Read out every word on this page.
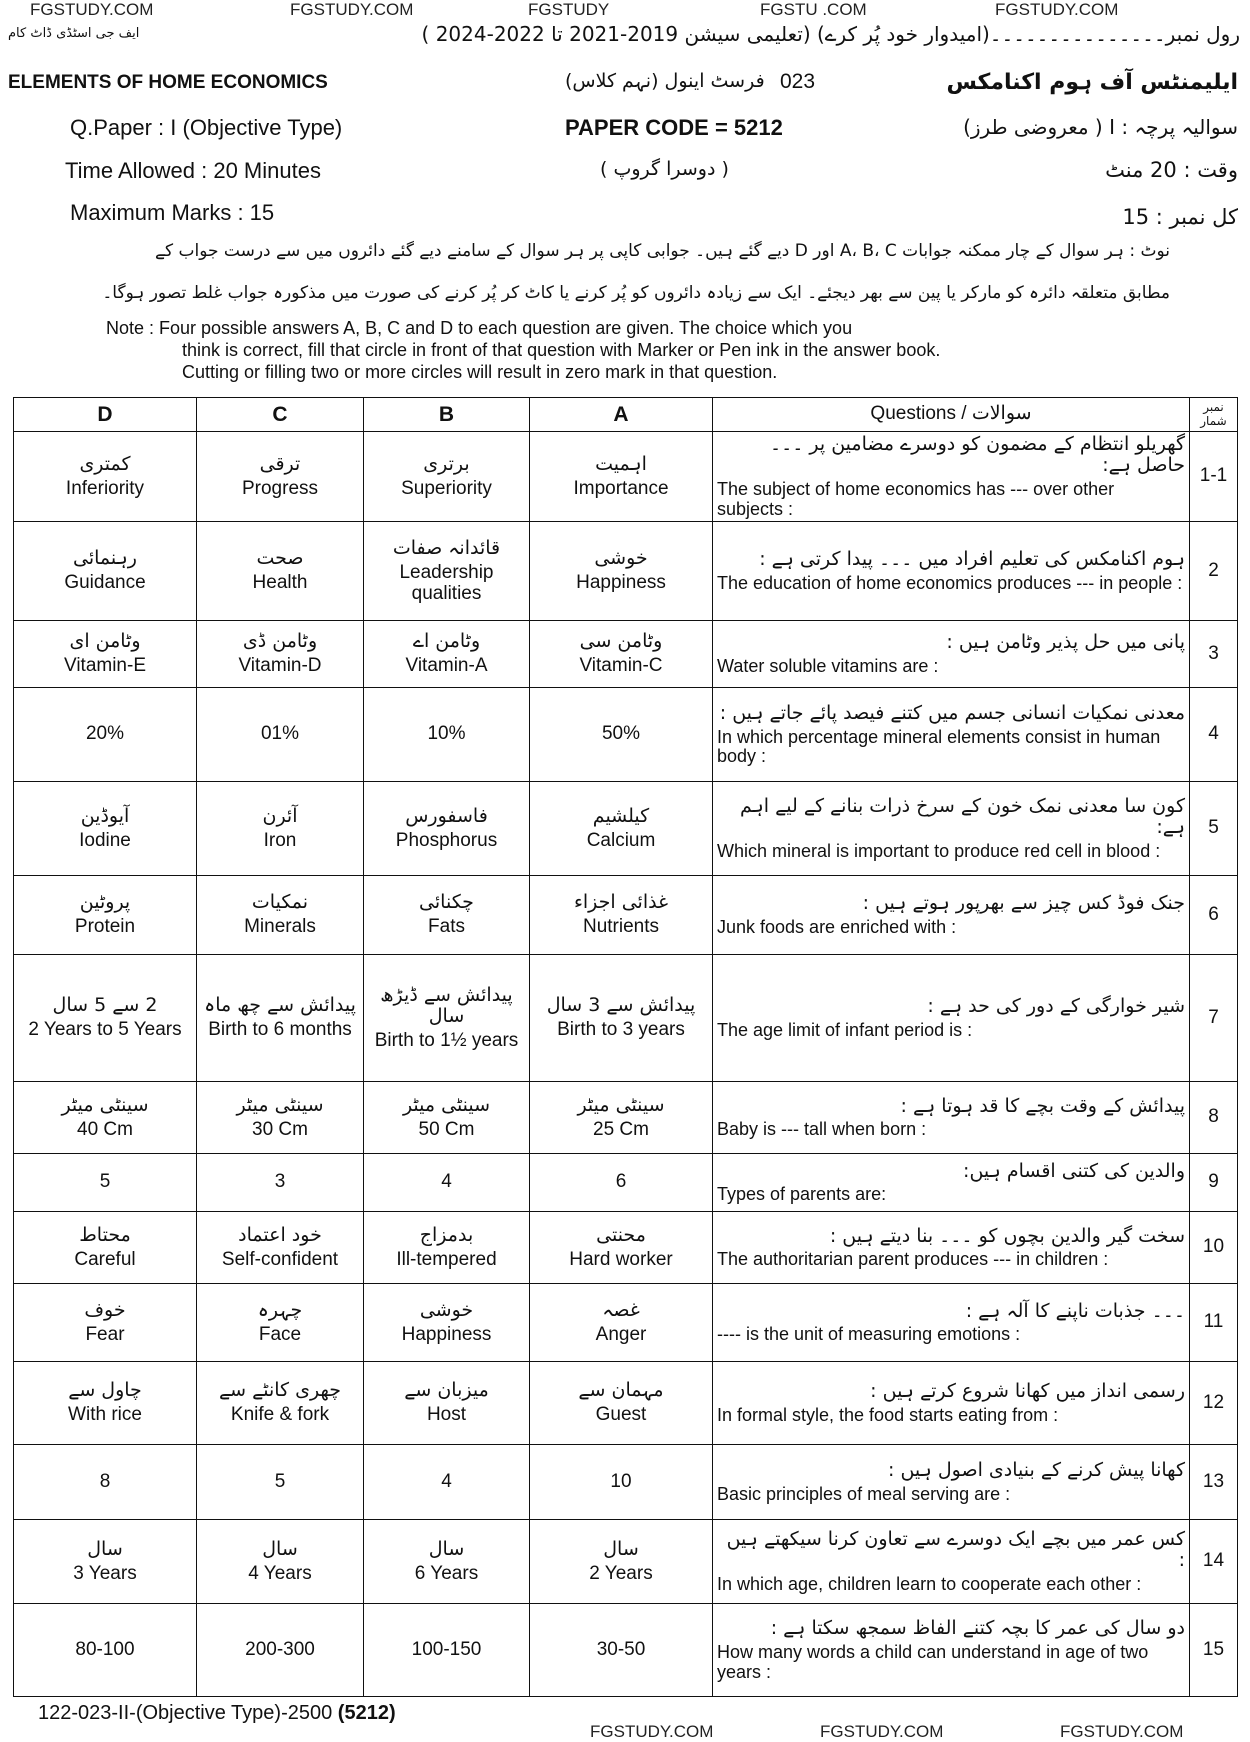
FGSTUDY.COM	FGSTUDY.COM	FGSTUDY	FGSTU .COM	FGSTUDY.COM
رول نمبر۔۔۔۔۔۔۔۔۔۔۔۔۔۔۔(امیدوار خود پُر کرے) (تعلیمی سیشن 2019-2021 تا 2022-2024 )
ایف جی اسٹڈی ڈاٹ کام
ELEMENTS OF HOME ECONOMICS	فرسٹ اینول (نہم کلاس) 023	ایلیمنٹس آف ہوم اکنامکس
Q.Paper : I (Objective Type)	PAPER CODE = 5212	سوالیہ پرچہ : I ( معروضی طرز)
Time Allowed : 20 Minutes	( دوسرا گروپ )	وقت : 20 منٹ
Maximum Marks : 15	کل نمبر : 15
نوٹ : ہر سوال کے چار ممکنہ جوابات A، B، C اور D دیے گئے ہیں۔ جوابی کاپی پر ہر سوال کے سامنے دیے گئے دائروں میں سے درست جواب کے
مطابق متعلقہ دائرہ کو مارکر یا پین سے بھر دیجئے۔ ایک سے زیادہ دائروں کو پُر کرنے یا کاٹ کر پُر کرنے کی صورت میں مذکورہ جواب غلط تصور ہوگا۔
Note : Four possible answers A, B, C and D to each question are given. The choice which you
think is correct, fill that circle in front of that question with Marker or Pen ink in the answer book.
Cutting or filling two or more circles will result in zero mark in that question.
D	C	B	A	Questions / سوالات	نمبر شمار

کمتری
Inferiority	ترقی
Progress	برتری
Superiority	اہمیت
Importance	گھریلو انتظام کے مضمون کو دوسرے مضامین پر ۔۔۔ حاصل ہے:
The subject of home economics has --- over other subjects :	1-1

رہنمائی
Guidance	صحت
Health	قائدانہ صفات
Leadership qualities	خوشی
Happiness	ہوم اکنامکس کی تعلیم افراد میں ۔۔۔ پیدا کرتی ہے :
The education of home economics produces --- in people :	2

وٹامن ای
Vitamin-E	وٹامن ڈی
Vitamin-D	وٹامن اے
Vitamin-A	وٹامن سی
Vitamin-C	پانی میں حل پذیر وٹامن ہیں :
Water soluble vitamins are :	3
20%	01%	10%	50%	معدنی نمکیات انسانی جسم میں کتنے فیصد پائے جاتے ہیں :
In which percentage mineral elements consist in human body :	4

آیوڈین
Iodine	آئرن
Iron	فاسفورس
Phosphorus	کیلشیم
Calcium	کون سا معدنی نمک خون کے سرخ ذرات بنانے کے لیے اہم ہے:
Which mineral is important to produce red cell in blood :	5

پروٹین
Protein	نمکیات
Minerals	چکنائی
Fats	غذائی اجزاء
Nutrients	جنک فوڈ کس چیز سے بھرپور ہوتے ہیں :
Junk foods are enriched with :	6

2 سے 5 سال
2 Years to 5 Years	پیدائش سے چھ ماہ
Birth to 6 months	پیدائش سے ڈیڑھ سال
Birth to 1½ years	پیدائش سے 3 سال
Birth to 3 years	شیر خوارگی کے دور کی حد ہے :
The age limit of infant period is :	7

سینٹی میٹر
40 Cm	سینٹی میٹر
30 Cm	سینٹی میٹر
50 Cm	سینٹی میٹر
25 Cm	پیدائش کے وقت بچے کا قد ہوتا ہے :
Baby is --- tall when born :	8
5	3	4	6	والدین کی کتنی اقسام ہیں:
Types of parents are:	9

محتاط
Careful	خود اعتماد
Self-confident	بدمزاج
Ill-tempered	محنتی
Hard worker	سخت گیر والدین بچوں کو ۔۔۔ بنا دیتے ہیں :
The authoritarian parent produces --- in children :	10

خوف
Fear	چہرہ
Face	خوشی
Happiness	غصہ
Anger	۔۔۔ جذبات ناپنے کا آلہ ہے :
---- is the unit of measuring emotions :	11

چاول سے
With rice	چھری کانٹے سے
Knife & fork	میزبان سے
Host	مہمان سے
Guest	رسمی انداز میں کھانا شروع کرتے ہیں :
In formal style, the food starts eating from :	12
8	5	4	10	کھانا پیش کرنے کے بنیادی اصول ہیں :
Basic principles of meal serving are :	13

سال
3 Years	سال
4 Years	سال
6 Years	سال
2 Years	کس عمر میں بچے ایک دوسرے سے تعاون کرنا سیکھتے ہیں :
In which age, children learn to cooperate each other :	14
80-100	200-300	100-150	30-50	دو سال کی عمر کا بچہ کتنے الفاظ سمجھ سکتا ہے :
How many words a child can understand in age of two years :	15
122-023-II-(Objective Type)-2500 (5212)
FGSTUDY.COM	FGSTUDY.COM	FGSTUDY.COM
